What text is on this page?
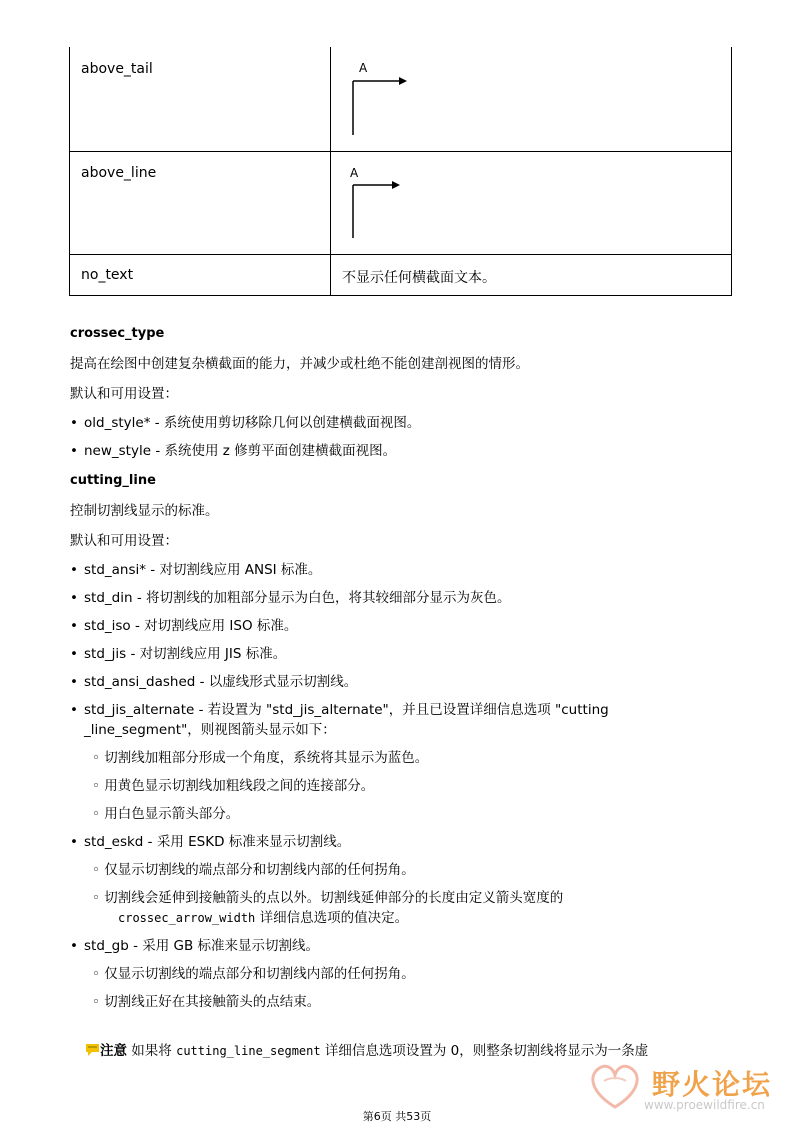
above_tail	A
above_line	A
no_text	不显示任何横截面文本。
crossec_type
提高在绘图中创建复杂横截面的能力，并减少或杜绝不能创建剖视图的情形。
默认和可用设置：
• old_style* - 系统使用剪切移除几何以创建横截面视图。
• new_style - 系统使用 z 修剪平面创建横截面视图。
cutting_line
控制切割线显示的标准。
默认和可用设置：
• std_ansi* - 对切割线应用 ANSI 标准。
• std_din - 将切割线的加粗部分显示为白色，将其较细部分显示为灰色。
• std_iso - 对切割线应用 ISO 标准。
• std_jis - 对切割线应用 JIS 标准。
• std_ansi_dashed - 以虚线形式显示切割线。
• std_jis_alternate - 若设置为 "std_jis_alternate"，并且已设置详细信息选项 "cutting
_line_segment"，则视图箭头显示如下：
◦ 切割线加粗部分形成一个角度，系统将其显示为蓝色。
◦ 用黄色显示切割线加粗线段之间的连接部分。
◦ 用白色显示箭头部分。
• std_eskd - 采用 ESKD 标准来显示切割线。
◦ 仅显示切割线的端点部分和切割线内部的任何拐角。
◦ 切割线会延伸到接触箭头的点以外。切割线延伸部分的长度由定义箭头宽度的
crossec_arrow_width 详细信息选项的值决定。
• std_gb - 采用 GB 标准来显示切割线。
◦ 仅显示切割线的端点部分和切割线内部的任何拐角。
◦ 切割线正好在其接触箭头的点结束。
注意 如果将 cutting_line_segment 详细信息选项设置为 0，则整条切割线将显示为一条虚
野火论坛
www.proewildfire.cn
第6页 共53页
